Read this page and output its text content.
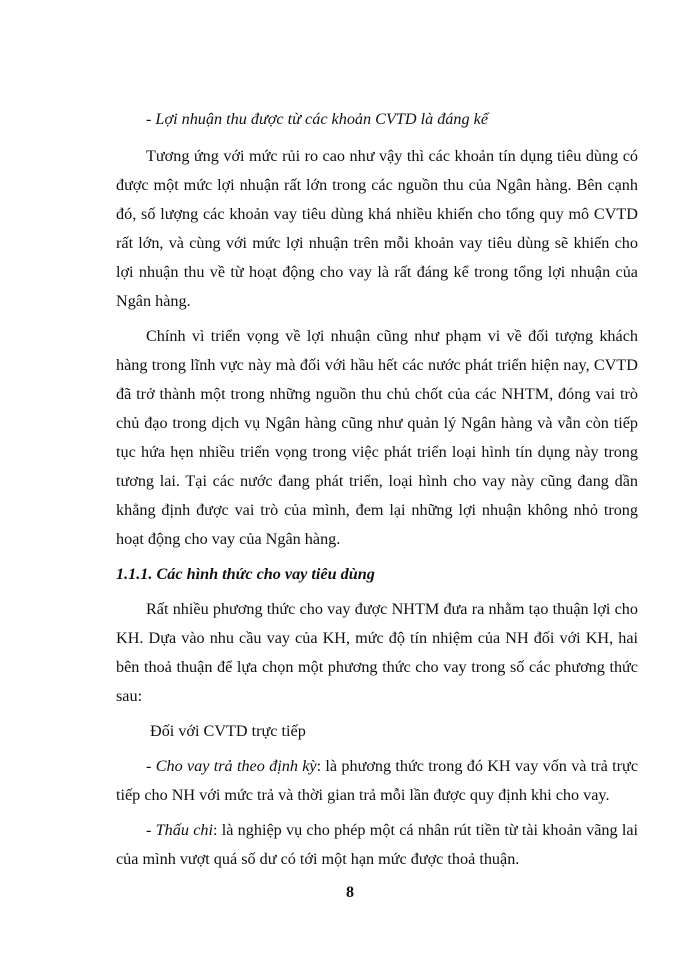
- Lợi nhuận thu được từ các khoản CVTD là đáng kể

Tương ứng với mức rủi ro cao như vậy thì các khoản tín dụng tiêu dùng có được một mức lợi nhuận rất lớn trong các nguồn thu của Ngân hàng. Bên cạnh đó, số lượng các khoản vay tiêu dùng khá nhiều khiến cho tổng quy mô CVTD rất lớn, và cùng với mức lợi nhuận trên mỗi khoản vay tiêu dùng sẽ khiến cho lợi nhuận thu về từ hoạt động cho vay là rất đáng kể trong tổng lợi nhuận của Ngân hàng.

Chính vì triển vọng về lợi nhuận cũng như phạm vi về đối tượng khách hàng trong lĩnh vực này mà đối với hầu hết các nước phát triển hiện nay, CVTD đã trở thành một trong những nguồn thu chủ chốt của các NHTM, đóng vai trò chủ đạo trong dịch vụ Ngân hàng cũng như quản lý Ngân hàng và vẫn còn tiếp tục hứa hẹn nhiều triển vọng trong việc phát triển loại hình tín dụng này trong tương lai. Tại các nước đang phát triển, loại hình cho vay này cũng đang dần khẳng định được vai trò của mình, đem lại những lợi nhuận không nhỏ trong hoạt động cho vay của Ngân hàng.

1.1.1. Các hình thức cho vay tiêu dùng

Rất nhiều phương thức cho vay được NHTM đưa ra nhằm tạo thuận lợi cho KH. Dựa vào nhu cầu vay của KH, mức độ tín nhiệm của NH đối với KH, hai bên thoả thuận để lựa chọn một phương thức cho vay trong số các phương thức sau:

Đối với CVTD trực tiếp

- Cho vay trả theo định kỳ: là phương thức trong đó KH vay vốn và trả trực tiếp cho NH với mức trả và thời gian trả mỗi lần được quy định khi cho vay.

- Thấu chi: là nghiệp vụ cho phép một cá nhân rút tiền từ tài khoản vãng lai của mình vượt quá số dư có tới một hạn mức được thoả thuận.

8
